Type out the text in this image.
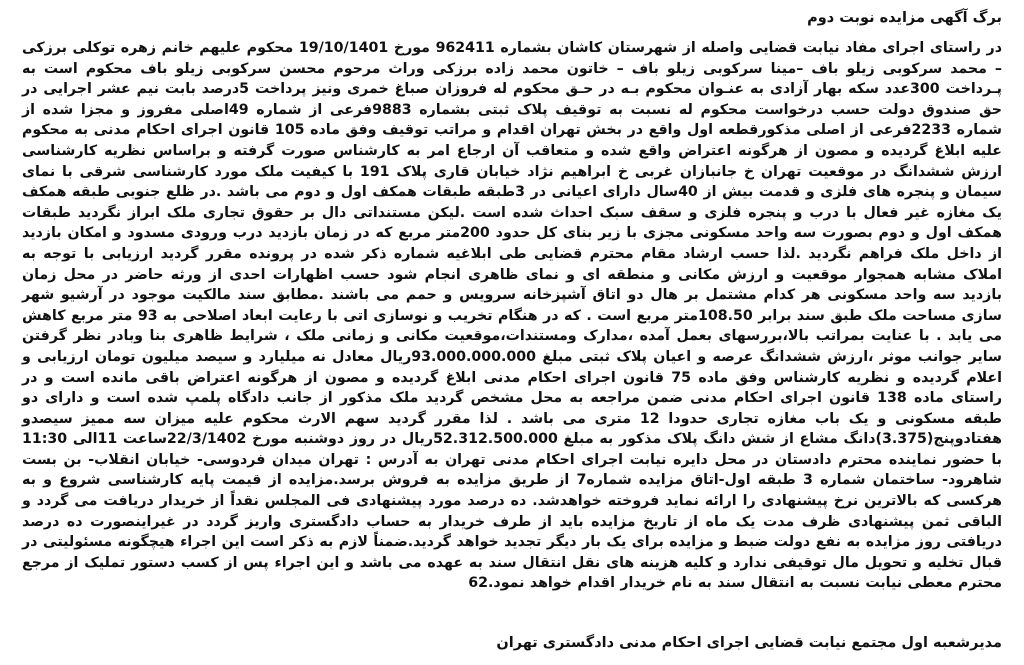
برگ آگهی مزایده نوبت دوم

در راستای اجرای مفاد نیابت قضایی واصله از شهرستان کاشان بشماره 962411 مورخ 19/10/1401 محکوم علیهم خانم زهره توکلی برزکی – محمد سرکوبی زیلو باف –مینا سرکوبی زیلو باف – خاتون محمد زاده برزکی وراث مرحوم محسن سرکوبی زیلو باف محکوم است به پـرداخت 300عدد سکه بهار آزادی به عنـوان محکوم بـه در حـق محکوم له فروزان صباغ خمری ونیز پرداخت 5درصد بابت نیم عشر اجرایی در حق صندوق دولت حسب درخواست محکوم له نسبت به توقیف پلاک ثبتی بشماره 9883فرعی از شماره 49اصلی مفروز و مجزا شده از شماره 2233فرعی از اصلی مذکورقطعه اول واقع در بخش تهران اقدام و مراتب توقیف وفق ماده 105 قانون اجرای احکام مدنی به محکوم علیه ابلاغ گردیده و مصون از هرگونه اعتراض واقع شده و متعاقب آن ارجاع امر به کارشناس صورت گرفته و براساس نظریه کارشناسی ارزش ششدانگ در موقعیت تهران خ جانبازان غربی خ ابراهیم نژاد خیابان قاری پلاک 191 با کیفیت ملک مورد کارشناسی شرقی با نمای سیمان و پنجره های فلزی و قدمت بیش از 40سال دارای اعیانی در 3طبقه طبقات همکف اول و دوم می باشد .در ظلع جنوبی طبقه همکف یک مغازه غیر فعال با درب و پنجره فلزی و سقف سبک احداث شده است .لیکن مستنداتی دال بر حقوق تجاری ملک ابراز نگردید طبقات همکف اول و دوم بصورت سه واحد مسکونی مجزی با زیر بنای کل حدود 200متر مربع که در زمان بازدید درب ورودی مسدود و امکان بازدید از داخل ملک فراهم نگردید .لذا حسب ارشاد مقام محترم قضایی طی ابلاغیه شماره ذکر شده در پرونده مقرر گردید ارزیابی با توجه به املاک مشابه همجوار موقعیت و ارزش مکانی و منطقه ای و نمای ظاهری انجام شود حسب اظهارات احدی از ورثه حاضر در محل زمان بازدید سه واحد مسکونی هر کدام مشتمل بر هال دو اتاق آشپزخانه سرویس و حمم می باشند .مطابق سند مالکیت موجود در آرشیو شهر سازی مساحت ملک طبق سند برابر 108.50متر مربع است . که در هنگام تخریب و نوسازی اتی با رعایت ابعاد اصلاحی به 93 متر مربع کاهش می یابد . با عنایت بمراتب بالا،بررسهای بعمل آمده ،مدارک ومستندات،موقعیت مکانی و زمانی ملک ، شرایط ظاهری بنا وبادر نظر گرفتن سایر جوانب موثر ،ارزش ششدانگ عرصه و اعیان پلاک ثبتی مبلغ 93.000.000.000ریال معادل نه میلیارد و سیصد میلیون تومان ارزیابی و اعلام گردیده و نظریه کارشناس وفق ماده 75 قانون اجرای احکام مدنی ابلاغ گردیده و مصون از هرگونه اعتراض باقی مانده است و در راستای ماده 138 قانون اجرای احکام مدنی ضمن مراجعه به محل مشخص گردید ملک مذکور از جانب دادگاه پلمپ شده است و دارای دو طبقه مسکونی و یک باب مغازه تجاری حدودا 12 متری می باشد . لذا مقرر گردید سهم الارث محکوم علیه میزان سه ممیز سیصدو هفتادوپنج(3.375)دانگ مشاع از شش دانگ پلاک مذکور به مبلغ 52.312.500.000ریال در روز دوشنبه مورخ 22/3/1402ساعت 11الی 11:30 با حضور نماینده محترم دادستان در محل دایره نیابت اجرای احکام مدنی تهران به آدرس : تهران میدان فردوسی- خیابان انقلاب- بن بست شاهرود- ساختمان شماره 3 طبقه اول-اتاق مزایده شماره7 از طریق مزایده به فروش برسد.مزایده از قیمت پایه کارشناسی شروع و به هرکسی که بالاترین نرخ پیشنهادی را ارائه نماید فروخته خواهدشد. ده درصد مورد پیشنهادی فی المجلس نقداً از خریدار دریافت می گردد و الباقی ثمن پیشنهادی ظرف مدت یک ماه از تاریخ مزایده باید از طرف خریدار به حساب دادگستری واریز گردد در غیراینصورت ده درصد دریافتی روز مزایده به نفع دولت ضبط و مزایده برای یک بار دیگر تجدید خواهد گردید.ضمناً لازم به ذکر است این اجراء هیچگونه مسئولیتی در قبال تخلیه و تحویل مال توقیفی ندارد و کلیه هزینه های نقل انتقال سند به عهده می باشد و این اجراء پس از کسب دستور تملیک از مرجع محترم معطی نیابت نسبت به انتقال سند به نام خریدار اقدام خواهد نمود.62

مدیرشعبه اول مجتمع نیابت قضایی اجرای احکام مدنی دادگستری تهران
